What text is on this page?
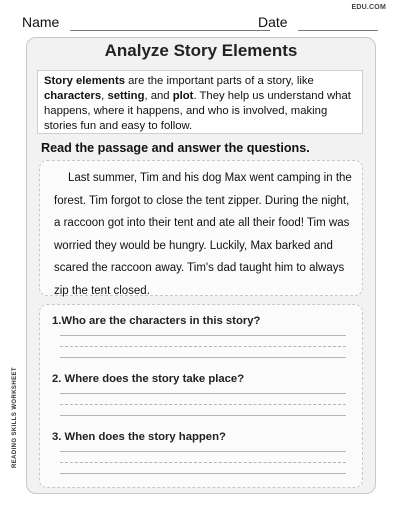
EDU.COM
Name	Date
Analyze Story Elements
Story elements are the important parts of a story, like characters, setting, and plot. They help us understand what happens, where it happens, and who is involved, making stories fun and easy to follow.
Read the passage and answer the questions.

Last summer, Tim and his dog Max went camping in the forest. Tim forgot to close the tent zipper. During the night, a raccoon got into their tent and ate all their food! Tim was worried they would be hungry. Luckily, Max barked and scared the raccoon away. Tim's dad taught him to always zip the tent closed.

1.Who are the characters in this story?
2. Where does the story take place?
3. When does the story happen?
READING SKILLS WORKSHEET
